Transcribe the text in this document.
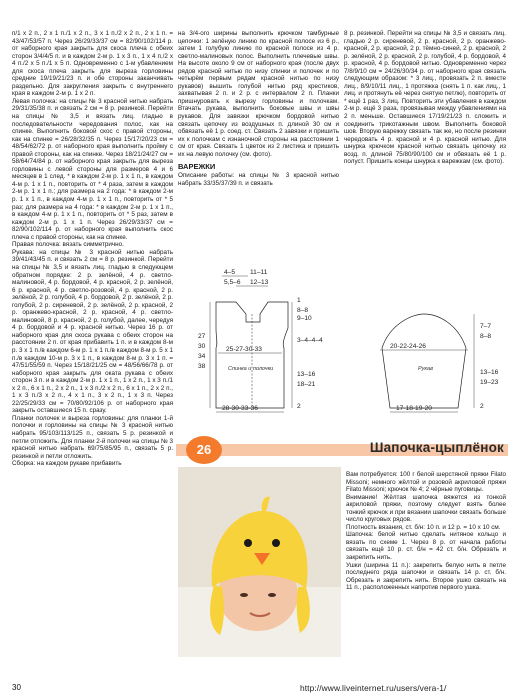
п/1 х 2 п., 2 х 1 п./1 х 2 п., 3 х 1 п./2 х 2 п., 2 х 1 п. = 43/47/53/57 п. Через 26/29/33/37 см = 82/90/102/114 р. от наборного края закрыть для скоса плеча с обеих сторон 3/4/4/5 п. и в каждом 2-м р. 1 х 3 п., 1 х 4 п./2 х 4 п./2 х 5 п./1 х 5 п. Одновременно с 1-м убавлением для скоса плеча закрыть для выреза горловины средние 19/19/21/23 п. и обе стороны заканчивать раздельно. Для закругления закрыть с внутреннего края в каждом 2-м р. 1 х 2 п.

Левая полочка: на спицы № 3 красной нитью набрать 29/31/35/38 п. и связать 2 см = 8 р. резинкой. Перейти на спицы № 3,5 и вязать лиц. гладью в последовательности чередования полос, как на спинке. Выполнить боковой скос с правой стороны, как на спинке = 26/28/32/35 п. Через 15/17/20/23 см = 48/54/62/72 р. от наборного края выполнить пройму с правой стороны, как на спинке. Через 18/21/24/27 см = 58/64/74/84 р. от наборного края закрыть для выреза горловины с левой стороны для размеров 4 и 6 месяцев в 1 след. * в каждом 2-м р. 1 х 1 п., в каждом 4-м р. 1 х 1 п., повторить от * 4 раза, затем в каждом 2-м р. 1 х 1 п.; для размера на 2 года: * в каждом 2-м р. 1 х 1 п., в каждом 4-м р. 1 х 1 п., повторить от * 5 раз; для размера на 4 года: * в каждом 2-м р. 1 х 1 п., в каждом 4-м р. 1 х 1 п., повторить от * 5 раз, затем в каждом 2-м р. 1 х 1 п. Через 26/29/33/37 см = 82/90/102/114 р. от наборного края выполнить скос плеча с правой стороны, как на спинке.

Правая полочка: вязать симметрично.

Рукава: на спицы № 3 красной нитью набрать 39/41/43/45 п. и связать 2 см = 8 р. резинкой. Перейти на спицы № 3,5 и вязать лиц. гладью в следующем обратном порядке: 2 р. зелёной, 4 р. светло-малиновой, 4 р. бордовой, 4 р. красной, 2 р. зелёной, 6 р. красной, 4 р. светло-розовой, 4 р. красной, 2 р. зелёной, 2 р. голубой, 4 р. бордовой, 2 р. зелёной, 2 р. голубой, 2 р. сиреневой, 2 р. зелёной, 2 р. красной, 2 р. оранжево-красной, 2 р. красной, 4 р. светло-малиновой, 8 р. красной, 2 р. голубой, далее, чередуя 4 р. бордовой и 4 р. красной нитью. Через 16 р. от наборного края для скоса рукава с обеих сторон на расстоянии 2 п. от края прибавить 1 п. и в каждом 8-м р. 3 х 1 п./в каждом 6-м р. 1 х 1 п./в каждом 8-м р. 5 х 1 п./в каждом 10-м р. 3 х 1 п., в каждом 8-м р. 3 х 1 п. = 47/51/55/59 п. Через 15/18/21/25 см = 48/56/66/78 р. от наборного края закрыть для оката рукава с обеих сторон 3 п. и в каждом 2-м р. 1 х 1 п., 1 х 2 п., 1 х 3 п./1 х 2 п., 6 х 1 п., 2 х 2 п., 1 х 3 п./2 х 2 п., 6 х 1 п., 2 х 2 п., 1 х 3 п./3 х 2 п., 4 х 1 п., 3 х 2 п., 1 х 3 п. Через 22/25/29/33 см = 70/80/92/106 р. от наборного края закрыть оставшиеся 15 п. сразу.

Планки полочек и выреза горловины: для планки 1-й полочки и горловины на спицы № 3 красной нитью набрать 95/103/113/125 п., связать 5 р. резинкой и петли отложить. Для планки 2-й полочки на спицы № 3 красной нитью набрать 69/75/85/95 п., связать 5 р. резинкой и петли отложить.

Сборка: на каждом рукаве прибавить

на 3/4-ого ширины выполнить крючком тамбурные цепочки: 1 зелёную линию по красной полосе из 6 р., затем 1 голубую линию по красной полосе из 4 р. светло-малиновых полос. Выполнить плечевые швы. На высоте около 9 см от наборного края (после двух рядов красной нитью по низу спинки и полочек и по четырём первым рядам красной нитью по низу рукавов) вышить голубой нитью ряд крестиков, захватывая 2 п. и 2 р. с интервалом 2 п. Планки пришнуровать к вырезу горловины и полочкам. Втачать рукава, выполнить боковые швы и швы рукавов. Для завязки крючком бордовой нитью связать цепочку из воздушных п. длиной 30 см и обвязать её 1 р. соед. ст. Связать 2 завязки и пришить их к полочкам с изнаночной стороны на расстоянии 1 см от края. Связать 1 цветок из 2 листика и пришить их на левую полочку (см. фото).

ВАРЕЖКИ

Описание работы: на спицы № 3 красной нитью набрать 33/35/37/39 п. и связать

8 р. резинкой. Перейти на спицы № 3,5 и связать лиц. гладью 2 р. сиреневой, 2 р. красной, 2 р. оранжево-красной, 2 р. красной, 2 р. тёмно-синей, 2 р. красной, 2 р. зелёной, 2 р. красной, 2 р. голубой, 4 р. бордовой, 4 р. красной, 4 р. бордовой нитью. Одновременно через 7/8/9/10 см = 24/26/30/34 р. от наборного края связать следующим образом: * 3 лиц., провязать 2 п. вместе лиц., 8/9/10/11 лиц., 1 протяжка (снять 1 п. как лиц., 1 лиц. и протянуть её через снятую петлю), повторить от * ещё 1 раз, 3 лиц. Повторить эти убавления в каждом 2-м р. ещё 3 раза, провязывая между убавлениями на 2 п. меньше. Оставшиеся 17/19/21/23 п. сложить и соединить трикотажным швом. Выполнить боковой шов. Вторую варежку связать так же, но после резинки чередовать 4 р. красной и 4 р. красной нитью. Для шнурка крючком красной нитью связать цепочку из возд. п. длиной 75/80/90/100 см и обвязать её 1 р. полуст. Пришить концы шнурка к варежкам (см. фото).

4–5 11–11
5,5–6 12–13
27
30
34
38
25-27-30-33
Спинка и полочки
28-30-33-36
1
8–8
9–10
3–4–4–4
13–16
18–21
2
20-22-24-26
Рукав
17-18-19-20
7–7
8–8
13–16
19–23
2
Шапочка-цыплёнок
26

Вам потребуется: 100 г белой шерстяной пряжи Filato Missoni; немного жёлтой и розовой акриловой пряжи Filato Missoni; крючок № 4; 2 чёрные пуговицы.

Внимание! Жёлтая шапочка вяжется из тонкой акриловой пряжи, поэтому следует взять более тонкий крючок и при вязании шапочки связать больше число круговых рядов.

Плотность вязания, ст. б/н: 10 п. и 12 р. = 10 х 10 см.

Шапочка: белой нитью сделать нитяное кольцо и вязать по схеме 1. Через 8 р. от начала работы связать ещё 10 р. ст. б/н = 42 ст. б/н. Обрезать и закрепить нить.

Ушки (ширина 11 п.): закрепить белую нить в петле последнего ряда шапочки и связать 14 р. ст. б/н. Обрезать и закрепить нить. Второе ушко связать на 11 п., расположенных напротив первого ушка.

30	http://www.liveinternet.ru/users/vera-1/
